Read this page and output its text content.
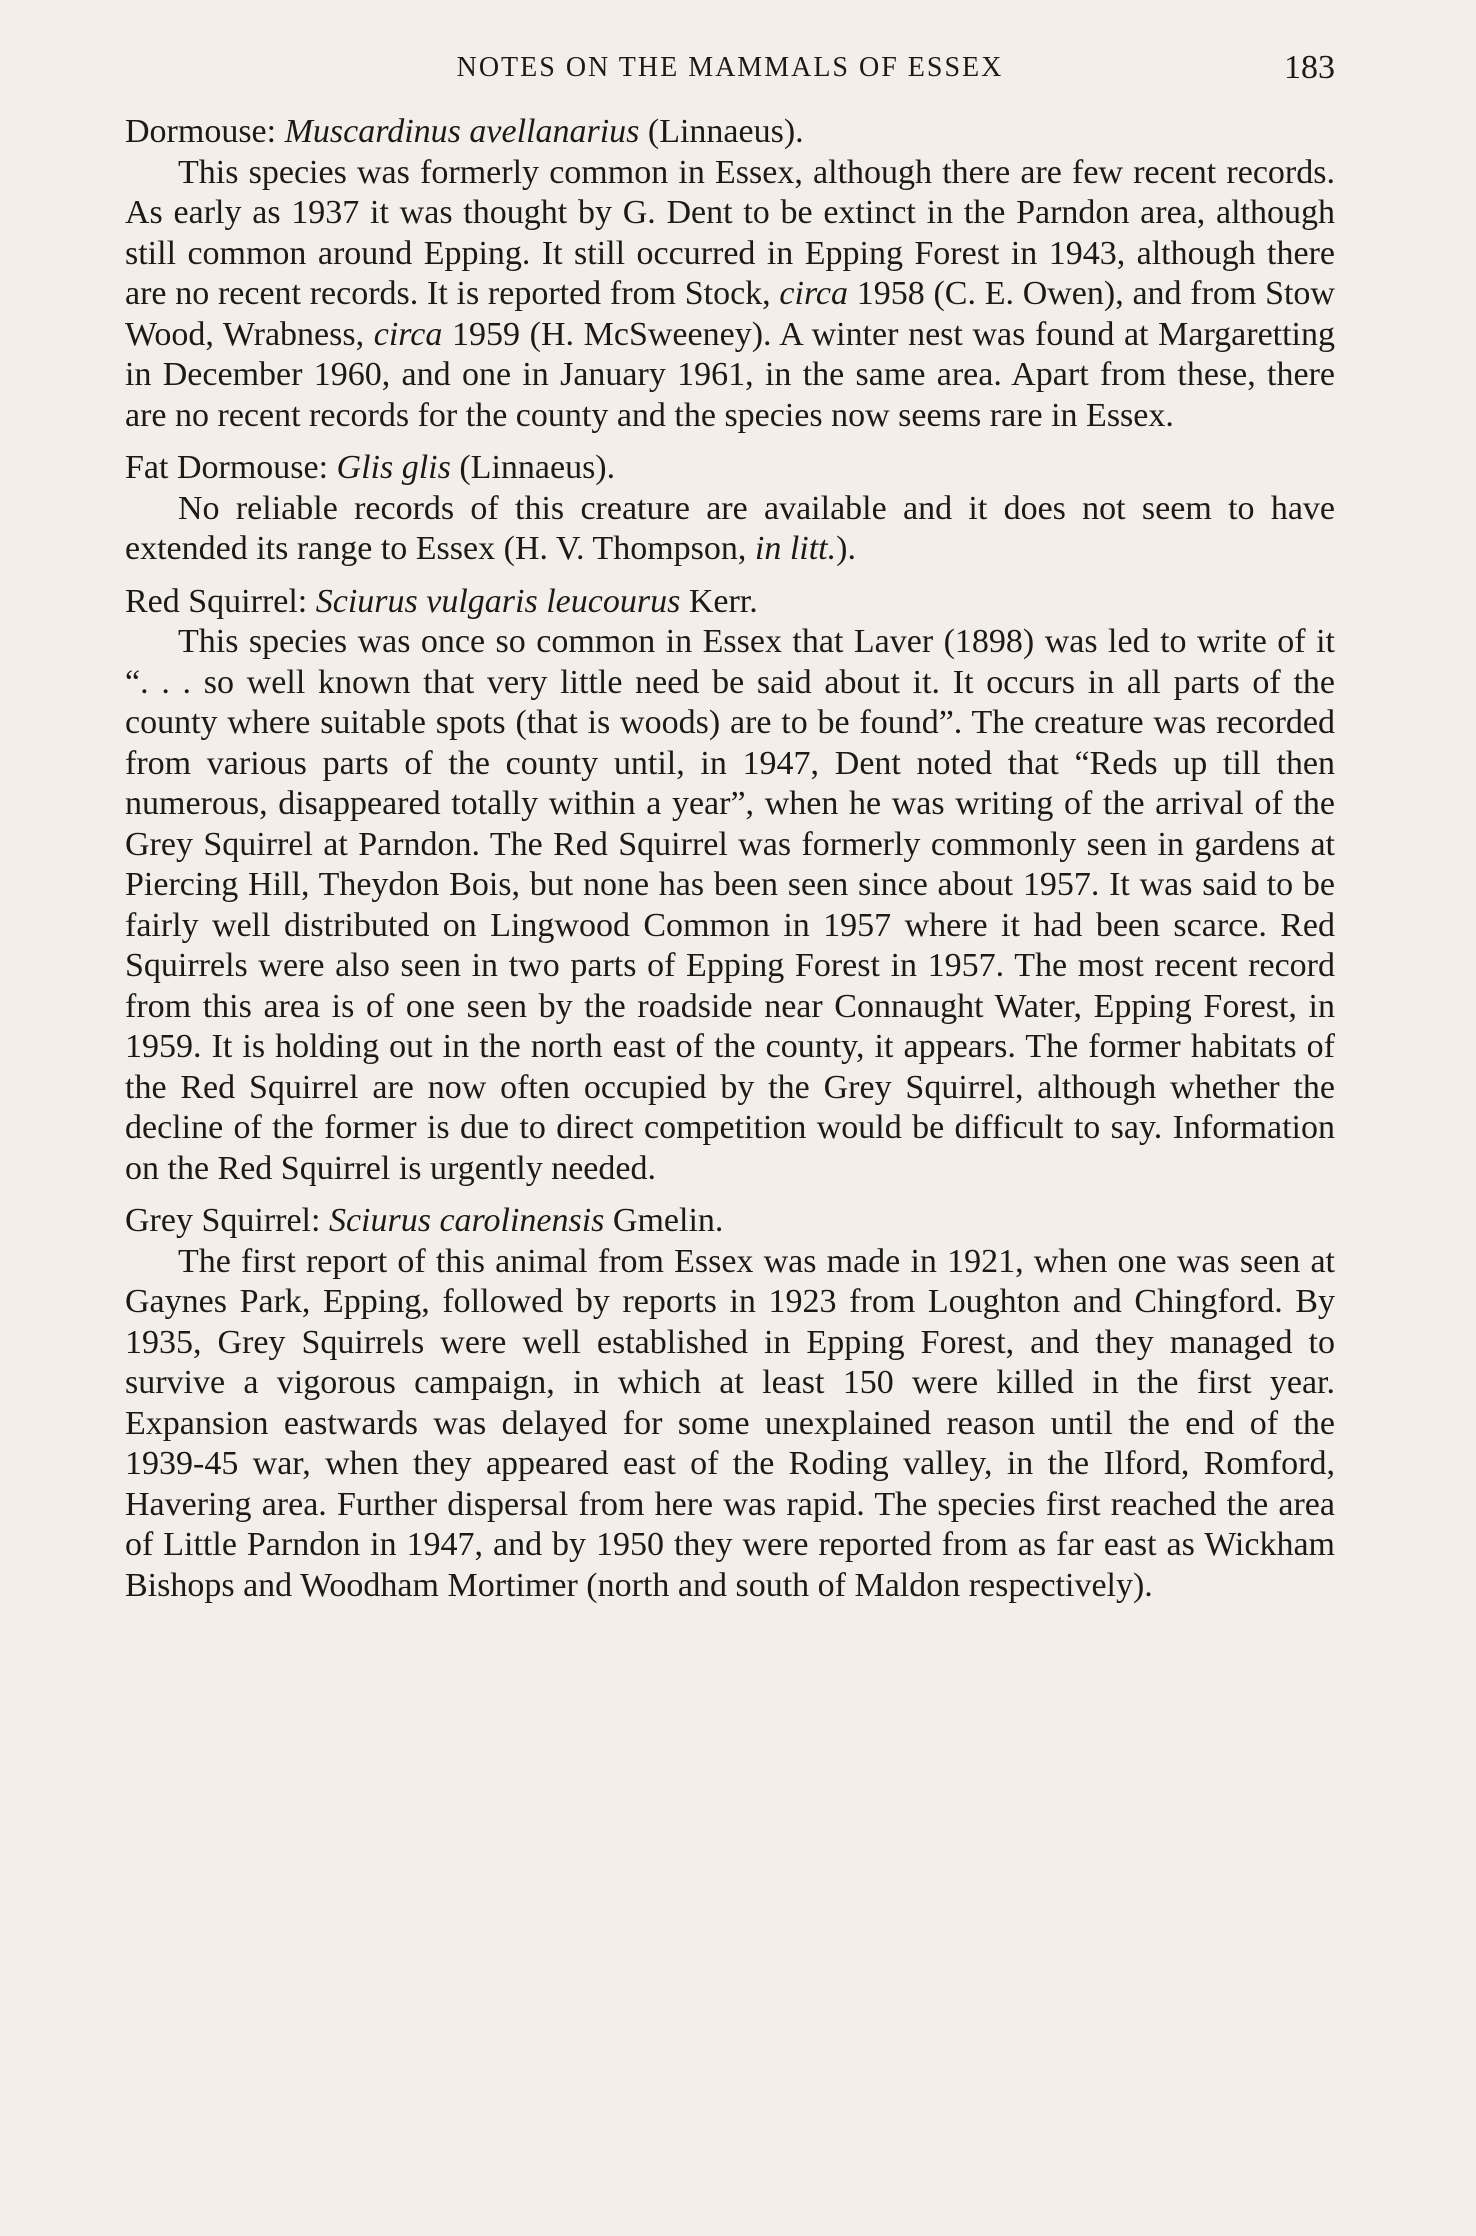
NOTES ON THE MAMMALS OF ESSEX	183

Dormouse: Muscardinus avellanarius (Linnaeus).

This species was formerly common in Essex, although there are few recent records. As early as 1937 it was thought by G. Dent to be extinct in the Parndon area, although still common around Epping. It still occurred in Epping Forest in 1943, although there are no recent records. It is reported from Stock, circa 1958 (C. E. Owen), and from Stow Wood, Wrabness, circa 1959 (H. McSweeney). A winter nest was found at Margaretting in December 1960, and one in January 1961, in the same area. Apart from these, there are no recent records for the county and the species now seems rare in Essex.

Fat Dormouse: Glis glis (Linnaeus).

No reliable records of this creature are available and it does not seem to have extended its range to Essex (H. V. Thompson, in litt.).

Red Squirrel: Sciurus vulgaris leucourus Kerr.

This species was once so common in Essex that Laver (1898) was led to write of it “. . . so well known that very little need be said about it. It occurs in all parts of the county where suitable spots (that is woods) are to be found”. The creature was recorded from various parts of the county until, in 1947, Dent noted that “Reds up till then numerous, disappeared totally within a year”, when he was writing of the arrival of the Grey Squirrel at Parndon. The Red Squirrel was formerly commonly seen in gardens at Piercing Hill, Theydon Bois, but none has been seen since about 1957. It was said to be fairly well distributed on Lingwood Common in 1957 where it had been scarce. Red Squirrels were also seen in two parts of Epping Forest in 1957. The most recent record from this area is of one seen by the roadside near Connaught Water, Epping Forest, in 1959. It is holding out in the north east of the county, it appears. The former habitats of the Red Squirrel are now often occupied by the Grey Squirrel, although whether the decline of the former is due to direct competition would be difficult to say. Information on the Red Squirrel is urgently needed.

Grey Squirrel: Sciurus carolinensis Gmelin.

The first report of this animal from Essex was made in 1921, when one was seen at Gaynes Park, Epping, followed by reports in 1923 from Loughton and Chingford. By 1935, Grey Squirrels were well established in Epping Forest, and they managed to survive a vigorous campaign, in which at least 150 were killed in the first year. Expansion eastwards was delayed for some unexplained reason until the end of the 1939-45 war, when they appeared east of the Roding valley, in the Ilford, Romford, Havering area. Further dispersal from here was rapid. The species first reached the area of Little Parndon in 1947, and by 1950 they were reported from as far east as Wickham Bishops and Woodham Mortimer (north and south of Maldon respectively).
